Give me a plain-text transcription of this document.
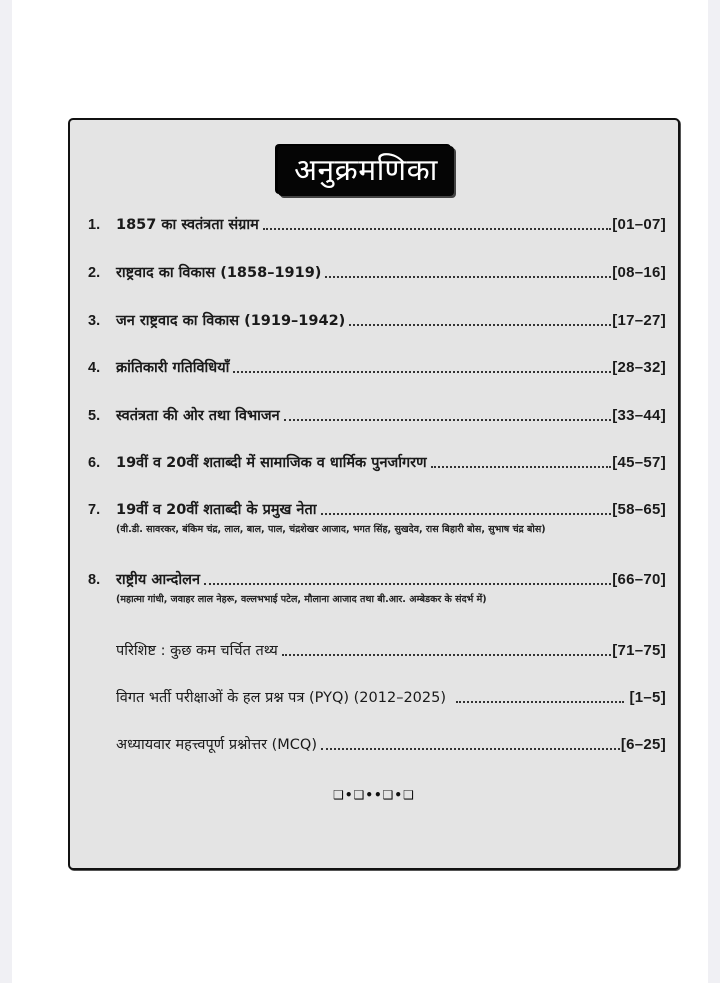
अनुक्रमणिका
1.	1857 का स्वतंत्रता संग्राम	[01–07]
2.	राष्ट्रवाद का विकास (1858–1919)	[08–16]
3.	जन राष्ट्रवाद का विकास (1919–1942)	[17–27]
4.	क्रांतिकारी गतिविधियाँ	[28–32]
5.	स्वतंत्रता की ओर तथा विभाजन	[33–44]
6.	19वीं व 20वीं शताब्दी में सामाजिक व धार्मिक पुनर्जागरण	[45–57]
7.	19वीं व 20वीं शताब्दी के प्रमुख नेता	[58–65]
(वी.डी. सावरकर, बंकिम चंद्र, लाल, बाल, पाल, चंद्रशेखर आजाद, भगत सिंह, सुखदेव, रास बिहारी बोस, सुभाष चंद्र बोस)
8.	राष्ट्रीय आन्दोलन	[66–70]
(महात्मा गांधी, जवाहर लाल नेहरू, वल्लभभाई पटेल, मौलाना आजाद तथा बी.आर. अम्बेडकर के संदर्भ में)
परिशिष्ट : कुछ कम चर्चित तथ्य	[71–75]
विगत भर्ती परीक्षाओं के हल प्रश्न पत्र (PYQ) (2012–2025)	[1–5]
अध्यायवार महत्त्वपूर्ण प्रश्नोत्तर (MCQ)	[6–25]
❑•❑••❑•❑
